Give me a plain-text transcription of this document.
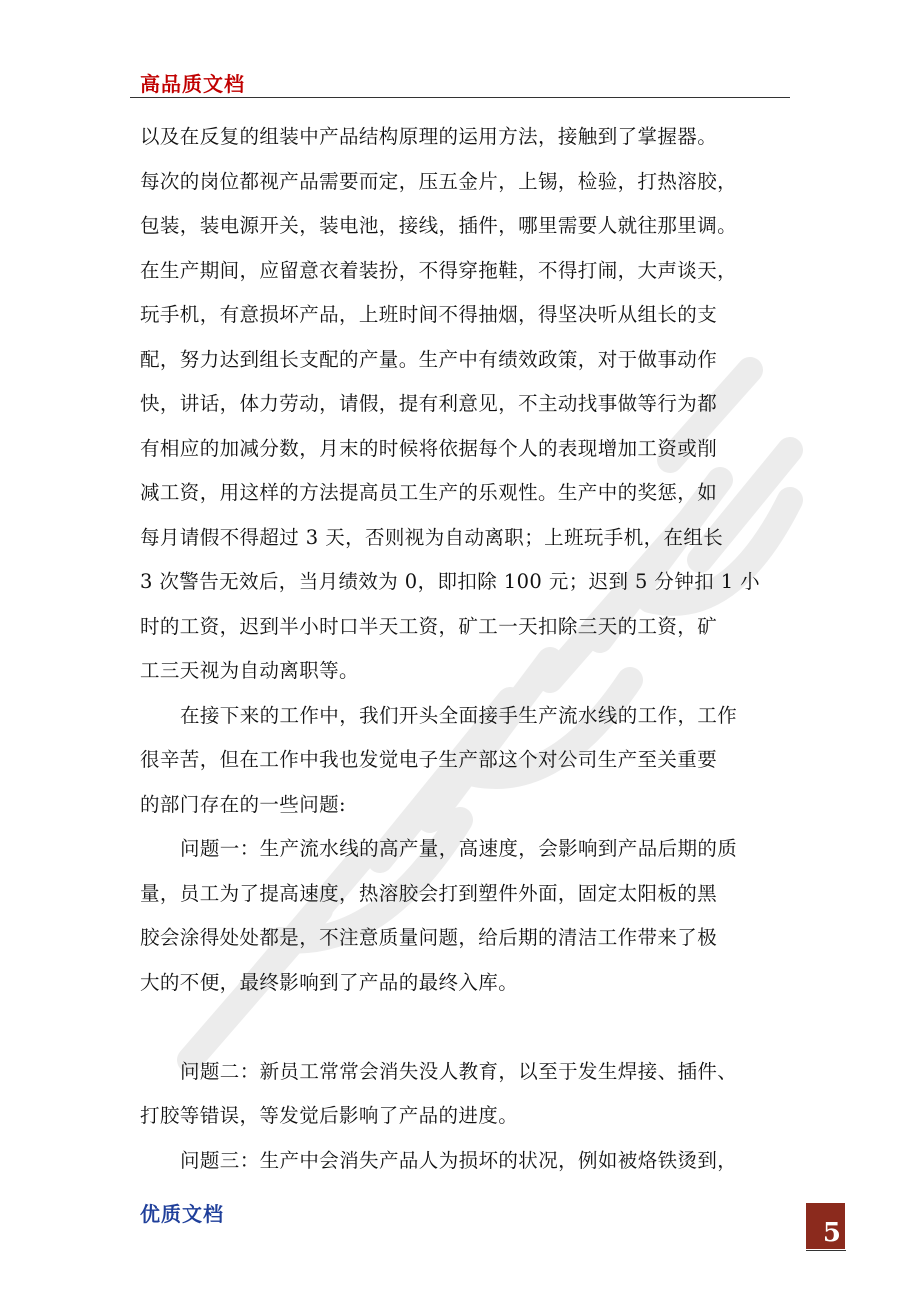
高品质文档
以及在反复的组装中产品结构原理的运用方法，接触到了掌握器。
每次的岗位都视产品需要而定，压五金片，上锡，检验，打热溶胶，
包装，装电源开关，装电池，接线，插件，哪里需要人就往那里调。
在生产期间，应留意衣着装扮，不得穿拖鞋，不得打闹，大声谈天，
玩手机，有意损坏产品，上班时间不得抽烟，得坚决听从组长的支
配，努力达到组长支配的产量。生产中有绩效政策，对于做事动作
快，讲话，体力劳动，请假，提有利意见，不主动找事做等行为都
有相应的加减分数，月末的时候将依据每个人的表现增加工资或削
减工资，用这样的方法提高员工生产的乐观性。生产中的奖惩，如
每月请假不得超过 3 天，否则视为自动离职；上班玩手机，在组长
3 次警告无效后，当月绩效为 0，即扣除 100 元；迟到 5 分钟扣 1 小
时的工资，迟到半小时口半天工资，矿工一天扣除三天的工资，矿
工三天视为自动离职等。
在接下来的工作中，我们开头全面接手生产流水线的工作，工作
很辛苦，但在工作中我也发觉电子生产部这个对公司生产至关重要
的部门存在的一些问题:
问题一：生产流水线的高产量，高速度，会影响到产品后期的质
量，员工为了提高速度，热溶胶会打到塑件外面，固定太阳板的黑
胶会涂得处处都是，不注意质量问题，给后期的清洁工作带来了极
大的不便，最终影响到了产品的最终入库。
问题二：新员工常常会消失没人教育，以至于发生焊接、插件、
打胶等错误，等发觉后影响了产品的进度。
问题三：生产中会消失产品人为损坏的状况，例如被烙铁烫到，
优质文档
5
